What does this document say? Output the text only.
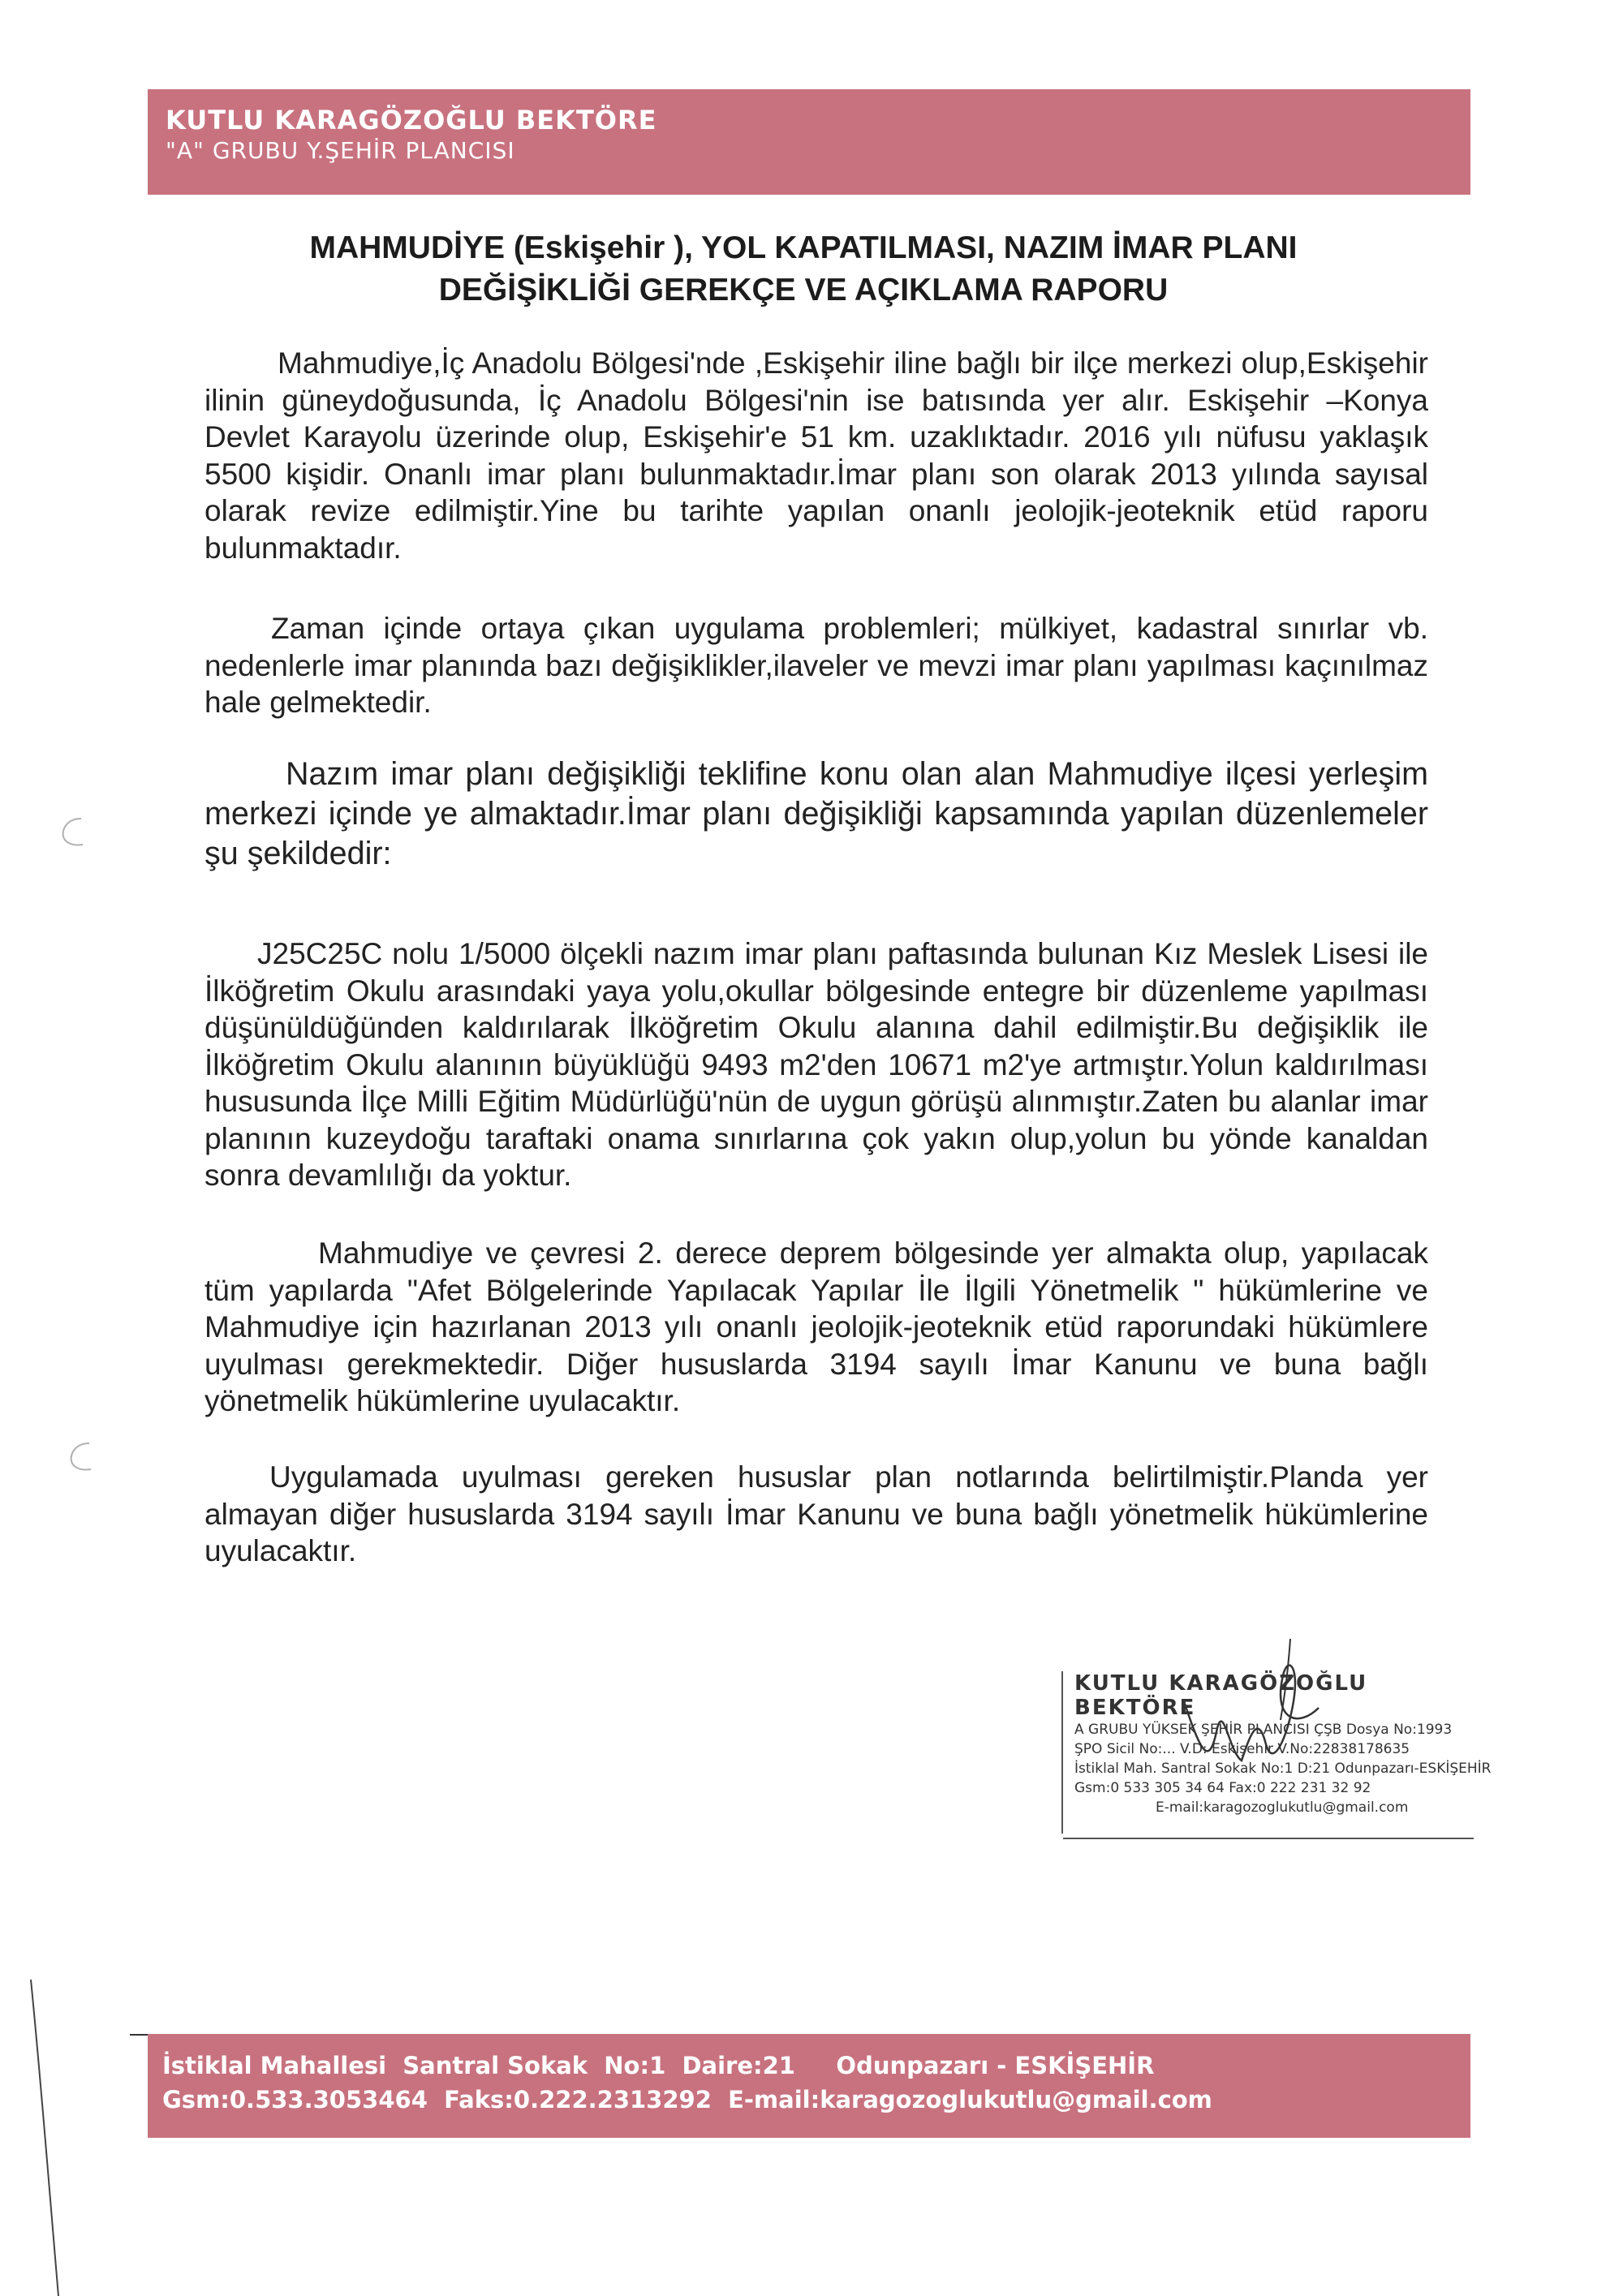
KUTLU KARAGÖZOĞLU BEKTÖRE
"A" GRUBU Y.ŞEHİR PLANCISI
MAHMUDİYE (Eskişehir ), YOL KAPATILMASI, NAZIM İMAR PLANI
DEĞİŞİKLİĞİ GEREKÇE VE AÇIKLAMA RAPORU

Mahmudiye,İç Anadolu Bölgesi'nde ,Eskişehir iline bağlı bir ilçe merkezi olup,Eskişehir ilinin güneydoğusunda, İç Anadolu Bölgesi'nin ise batısında yer alır. Eskişehir –Konya Devlet Karayolu üzerinde olup, Eskişehir'e 51 km. uzaklıktadır. 2016 yılı nüfusu yaklaşık 5500 kişidir. Onanlı imar planı bulunmaktadır.İmar planı son olarak 2013 yılında sayısal olarak revize edilmiştir.Yine bu tarihte yapılan onanlı jeolojik-jeoteknik etüd raporu bulunmaktadır.

Zaman içinde ortaya çıkan uygulama problemleri; mülkiyet, kadastral sınırlar vb. nedenlerle imar planında bazı değişiklikler,ilaveler ve mevzi imar planı yapılması kaçınılmaz hale gelmektedir.

Nazım imar planı değişikliği teklifine konu olan alan Mahmudiye ilçesi yerleşim merkezi içinde ye almaktadır.İmar planı değişikliği kapsamında yapılan düzenlemeler şu şekildedir:

J25C25C nolu 1/5000 ölçekli nazım imar planı paftasında bulunan Kız Meslek Lisesi ile İlköğretim Okulu arasındaki yaya yolu,okullar bölgesinde entegre bir düzenleme yapılması düşünüldüğünden kaldırılarak İlköğretim Okulu alanına dahil edilmiştir.Bu değişiklik ile İlköğretim Okulu alanının büyüklüğü 9493 m2'den 10671 m2'ye artmıştır.Yolun kaldırılması hususunda İlçe Milli Eğitim Müdürlüğü'nün de uygun görüşü alınmıştır.Zaten bu alanlar imar planının kuzeydoğu taraftaki onama sınırlarına çok yakın olup,yolun bu yönde kanaldan sonra devamlılığı da yoktur.

Mahmudiye ve çevresi 2. derece deprem bölgesinde yer almakta olup, yapılacak tüm yapılarda "Afet Bölgelerinde Yapılacak Yapılar İle İlgili Yönetmelik " hükümlerine ve Mahmudiye için hazırlanan 2013 yılı onanlı jeolojik-jeoteknik etüd raporundaki hükümlere uyulması gerekmektedir. Diğer hususlarda 3194 sayılı İmar Kanunu ve buna bağlı yönetmelik hükümlerine uyulacaktır.

Uygulamada uyulması gereken hususlar plan notlarında belirtilmiştir.Planda yer almayan diğer hususlarda 3194 sayılı İmar Kanunu ve buna bağlı yönetmelik hükümlerine uyulacaktır.

KUTLU KARAGÖZOĞLU BEKTÖRE
A GRUBU YÜKSEK ŞEHİR PLANCISI ÇŞB Dosya No:1993
ŞPO Sicil No:... V.D: Eskişehir V.No:22838178635
İstiklal Mah. Santral Sokak No:1 D:21 Odunpazarı-ESKİŞEHİR
Gsm:0 533 305 34 64 Fax:0 222 231 32 92
E-mail:karagozoglukutlu@gmail.com
İstiklal Mahallesi  Santral Sokak  No:1  Daire:21     Odunpazarı - ESKİŞEHİR
Gsm:0.533.3053464  Faks:0.222.2313292  E-mail:karagozoglukutlu@gmail.com
